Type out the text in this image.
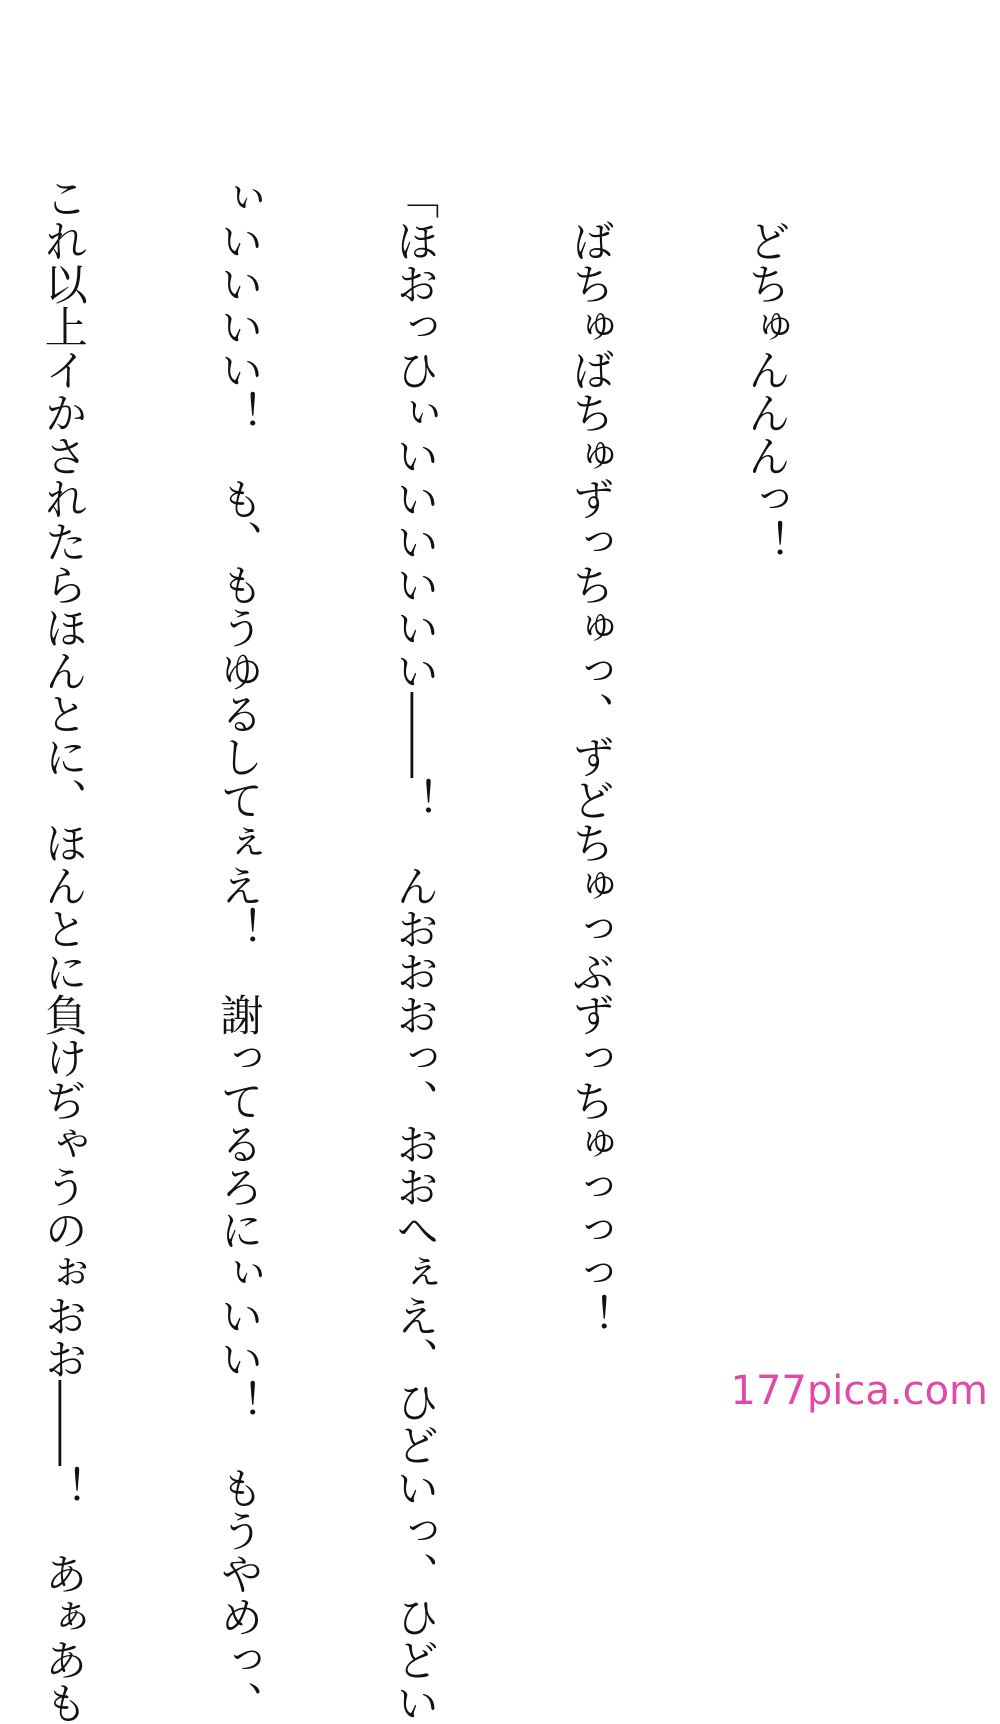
　どちゅんんんっ！

　ばちゅばちゅずっちゅっ、ずどちゅっぶずっちゅっっっ！

「ほおっひぃいいいいいい――！　んおおおっ、おおへぇえ、ひどいっ、ひどい

ぃいいいい！　も、もうゆるしてぇえ！　謝ってるろにぃいい！　もうやめっ、

これ以上イかされたらほんとに、ほんとに負けぢゃうのぉおお――！　あぁあも

	177pica.com
